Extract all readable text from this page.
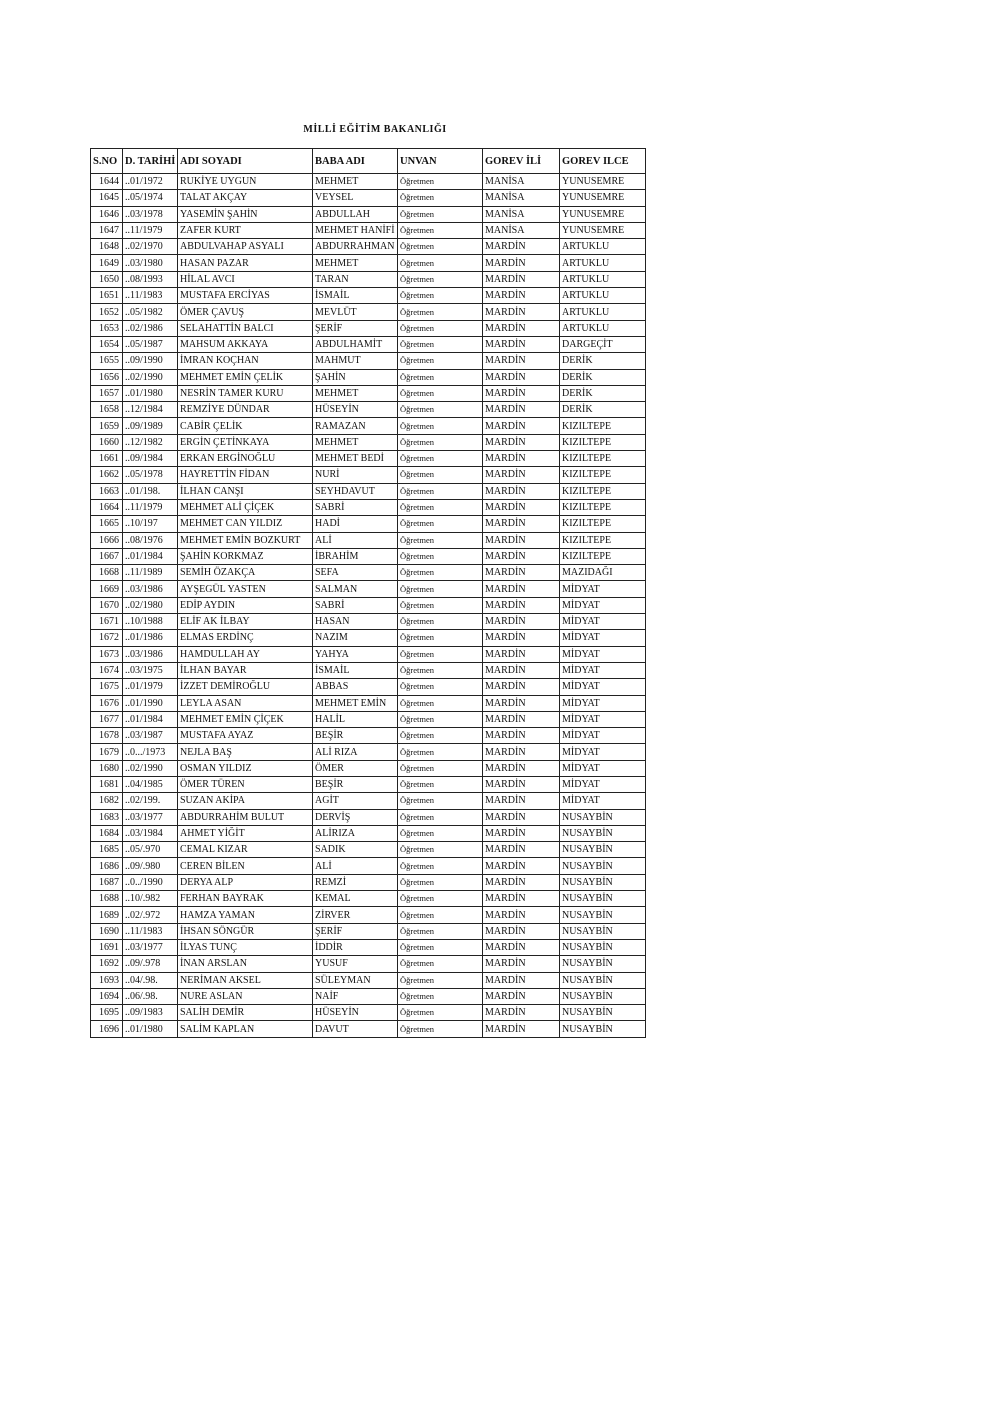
MİLLİ EĞİTİM BAKANLIĞI
S.NO	D. TARİHİ	ADI SOYADI	BABA ADI	UNVAN	GOREV İLİ	GOREV ILCE
1644	..01/1972	RUKİYE UYGUN	MEHMET	Öğretmen	MANİSA	YUNUSEMRE
1645	..05/1974	TALAT AKÇAY	VEYSEL	Öğretmen	MANİSA	YUNUSEMRE
1646	..03/1978	YASEMİN ŞAHİN	ABDULLAH	Öğretmen	MANİSA	YUNUSEMRE
1647	..11/1979	ZAFER KURT	MEHMET HANİFİ	Öğretmen	MANİSA	YUNUSEMRE
1648	..02/1970	ABDULVAHAP ASYALI	ABDURRAHMAN	Öğretmen	MARDİN	ARTUKLU
1649	..03/1980	HASAN PAZAR	MEHMET	Öğretmen	MARDİN	ARTUKLU
1650	..08/1993	HİLAL AVCI	TARAN	Öğretmen	MARDİN	ARTUKLU
1651	..11/1983	MUSTAFA ERCİYAS	İSMAİL	Öğretmen	MARDİN	ARTUKLU
1652	..05/1982	ÖMER ÇAVUŞ	MEVLÜT	Öğretmen	MARDİN	ARTUKLU
1653	..02/1986	SELAHATTİN BALCI	ŞERİF	Öğretmen	MARDİN	ARTUKLU
1654	..05/1987	MAHSUM AKKAYA	ABDULHAMİT	Öğretmen	MARDİN	DARGEÇİT
1655	..09/1990	İMRAN KOÇHAN	MAHMUT	Öğretmen	MARDİN	DERİK
1656	..02/1990	MEHMET EMİN ÇELİK	ŞAHİN	Öğretmen	MARDİN	DERİK
1657	..01/1980	NESRİN TAMER KURU	MEHMET	Öğretmen	MARDİN	DERİK
1658	..12/1984	REMZİYE DÜNDAR	HÜSEYİN	Öğretmen	MARDİN	DERİK
1659	..09/1989	CABİR ÇELİK	RAMAZAN	Öğretmen	MARDİN	KIZILTEPE
1660	..12/1982	ERGİN ÇETİNKAYA	MEHMET	Öğretmen	MARDİN	KIZILTEPE
1661	..09/1984	ERKAN ERGİNOĞLU	MEHMET BEDİ	Öğretmen	MARDİN	KIZILTEPE
1662	..05/1978	HAYRETTİN FİDAN	NURİ	Öğretmen	MARDİN	KIZILTEPE
1663	..01/198.	İLHAN CANŞI	SEYHDAVUT	Öğretmen	MARDİN	KIZILTEPE
1664	..11/1979	MEHMET ALİ ÇİÇEK	SABRİ	Öğretmen	MARDİN	KIZILTEPE
1665	..10/197	MEHMET CAN YILDIZ	HADİ	Öğretmen	MARDİN	KIZILTEPE
1666	..08/1976	MEHMET EMİN BOZKURT	ALİ	Öğretmen	MARDİN	KIZILTEPE
1667	..01/1984	ŞAHİN KORKMAZ	İBRAHİM	Öğretmen	MARDİN	KIZILTEPE
1668	..11/1989	SEMİH ÖZAKÇA	SEFA	Öğretmen	MARDİN	MAZIDAĞI
1669	..03/1986	AYŞEGÜL YASTEN	SALMAN	Öğretmen	MARDİN	MİDYAT
1670	..02/1980	EDİP AYDIN	SABRİ	Öğretmen	MARDİN	MİDYAT
1671	..10/1988	ELİF AK İLBAY	HASAN	Öğretmen	MARDİN	MİDYAT
1672	..01/1986	ELMAS ERDİNÇ	NAZIM	Öğretmen	MARDİN	MİDYAT
1673	..03/1986	HAMDULLAH AY	YAHYA	Öğretmen	MARDİN	MİDYAT
1674	..03/1975	İLHAN BAYAR	İSMAİL	Öğretmen	MARDİN	MİDYAT
1675	..01/1979	İZZET DEMİROĞLU	ABBAS	Öğretmen	MARDİN	MİDYAT
1676	..01/1990	LEYLA ASAN	MEHMET EMİN	Öğretmen	MARDİN	MİDYAT
1677	..01/1984	MEHMET EMİN ÇİÇEK	HALİL	Öğretmen	MARDİN	MİDYAT
1678	..03/1987	MUSTAFA AYAZ	BEŞİR	Öğretmen	MARDİN	MİDYAT
1679	..0.../1973	NEJLA BAŞ	ALİ RIZA	Öğretmen	MARDİN	MİDYAT
1680	..02/1990	OSMAN YILDIZ	ÖMER	Öğretmen	MARDİN	MİDYAT
1681	..04/1985	ÖMER TÜREN	BEŞİR	Öğretmen	MARDİN	MİDYAT
1682	..02/199.	SUZAN AKİPA	AGİT	Öğretmen	MARDİN	MİDYAT
1683	..03/1977	ABDURRAHİM BULUT	DERVİŞ	Öğretmen	MARDİN	NUSAYBİN
1684	..03/1984	AHMET YİĞİT	ALİRIZA	Öğretmen	MARDİN	NUSAYBİN
1685	..05/.970	CEMAL KIZAR	SADIK	Öğretmen	MARDİN	NUSAYBİN
1686	..09/.980	CEREN BİLEN	ALİ	Öğretmen	MARDİN	NUSAYBİN
1687	..0../1990	DERYA ALP	REMZİ	Öğretmen	MARDİN	NUSAYBİN
1688	..10/.982	FERHAN BAYRAK	KEMAL	Öğretmen	MARDİN	NUSAYBİN
1689	..02/.972	HAMZA YAMAN	ZİRVER	Öğretmen	MARDİN	NUSAYBİN
1690	..11/1983	İHSAN SÖNGÜR	ŞERİF	Öğretmen	MARDİN	NUSAYBİN
1691	..03/1977	İLYAS TUNÇ	İDDİR	Öğretmen	MARDİN	NUSAYBİN
1692	..09/.978	İNAN ARSLAN	YUSUF	Öğretmen	MARDİN	NUSAYBİN
1693	..04/.98.	NERİMAN AKSEL	SÜLEYMAN	Öğretmen	MARDİN	NUSAYBİN
1694	..06/.98.	NURE ASLAN	NAİF	Öğretmen	MARDİN	NUSAYBİN
1695	..09/1983	SALİH DEMİR	HÜSEYİN	Öğretmen	MARDİN	NUSAYBİN
1696	..01/1980	SALİM KAPLAN	DAVUT	Öğretmen	MARDİN	NUSAYBİN
